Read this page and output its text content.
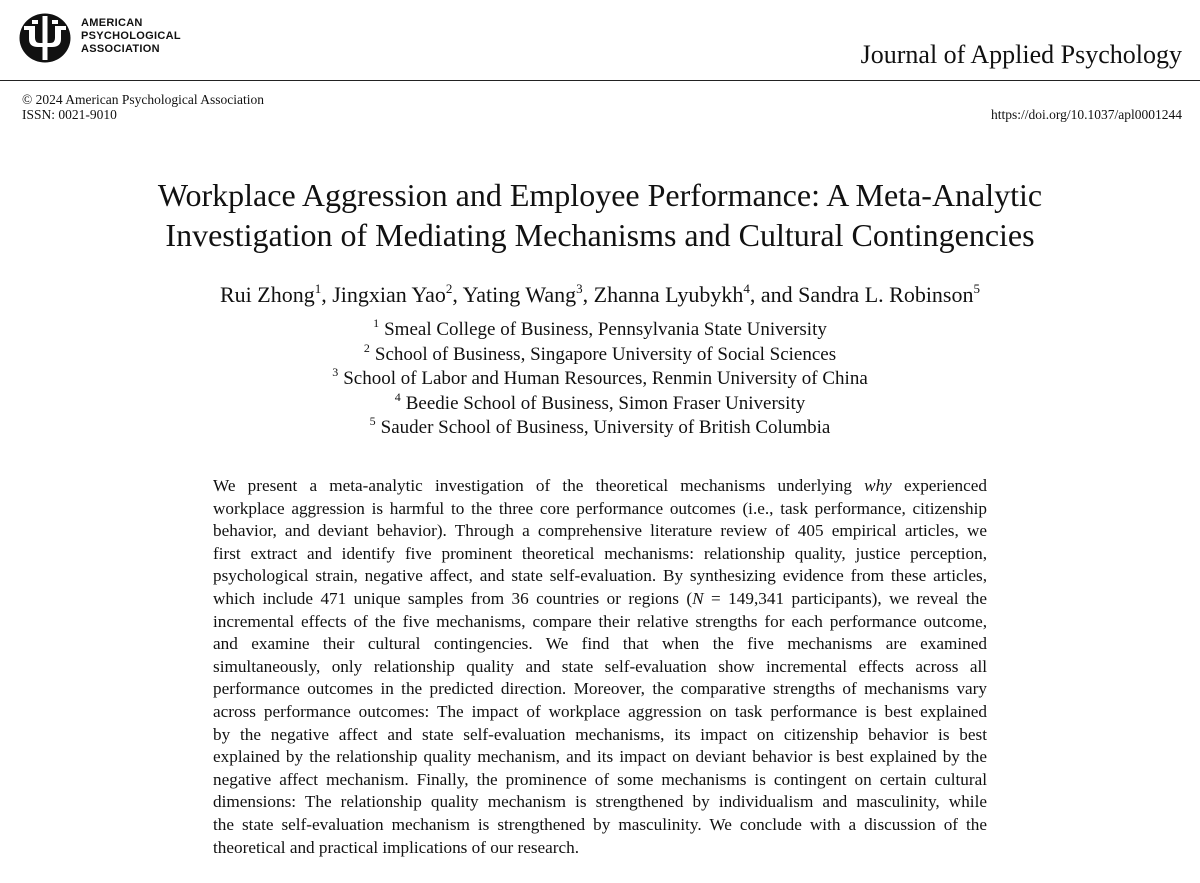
AMERICAN
PSYCHOLOGICAL
ASSOCIATION	Journal of Applied Psychology
© 2024 American Psychological Association
ISSN: 0021-9010	https://doi.org/10.1037/apl0001244
Workplace Aggression and Employee Performance: A Meta-Analytic
Investigation of Mediating Mechanisms and Cultural Contingencies
Rui Zhong$^1$, Jingxian Yao$^2$, Yating Wang$^3$, Zhanna Lyubykh$^4$, and Sandra L. Robinson$^5$
$^1$ Smeal College of Business, Pennsylvania State University
$^2$ School of Business, Singapore University of Social Sciences
$^3$ School of Labor and Human Resources, Renmin University of China
$^4$ Beedie School of Business, Simon Fraser University
$^5$ Sauder School of Business, University of British Columbia
We present a meta-analytic investigation of the theoretical mechanisms underlying why experienced
workplace aggression is harmful to the three core performance outcomes (i.e., task performance, citizenship
behavior, and deviant behavior). Through a comprehensive literature review of 405 empirical articles, we
first extract and identify five prominent theoretical mechanisms: relationship quality, justice perception,
psychological strain, negative affect, and state self-evaluation. By synthesizing evidence from these articles,
which include 471 unique samples from 36 countries or regions (N = 149,341 participants), we reveal the
incremental effects of the five mechanisms, compare their relative strengths for each performance outcome,
and examine their cultural contingencies. We find that when the five mechanisms are examined
simultaneously, only relationship quality and state self-evaluation show incremental effects across all
performance outcomes in the predicted direction. Moreover, the comparative strengths of mechanisms vary
across performance outcomes: The impact of workplace aggression on task performance is best explained
by the negative affect and state self-evaluation mechanisms, its impact on citizenship behavior is best
explained by the relationship quality mechanism, and its impact on deviant behavior is best explained by the
negative affect mechanism. Finally, the prominence of some mechanisms is contingent on certain cultural
dimensions: The relationship quality mechanism is strengthened by individualism and masculinity, while
the state self-evaluation mechanism is strengthened by masculinity. We conclude with a discussion of the
theoretical and practical implications of our research.
